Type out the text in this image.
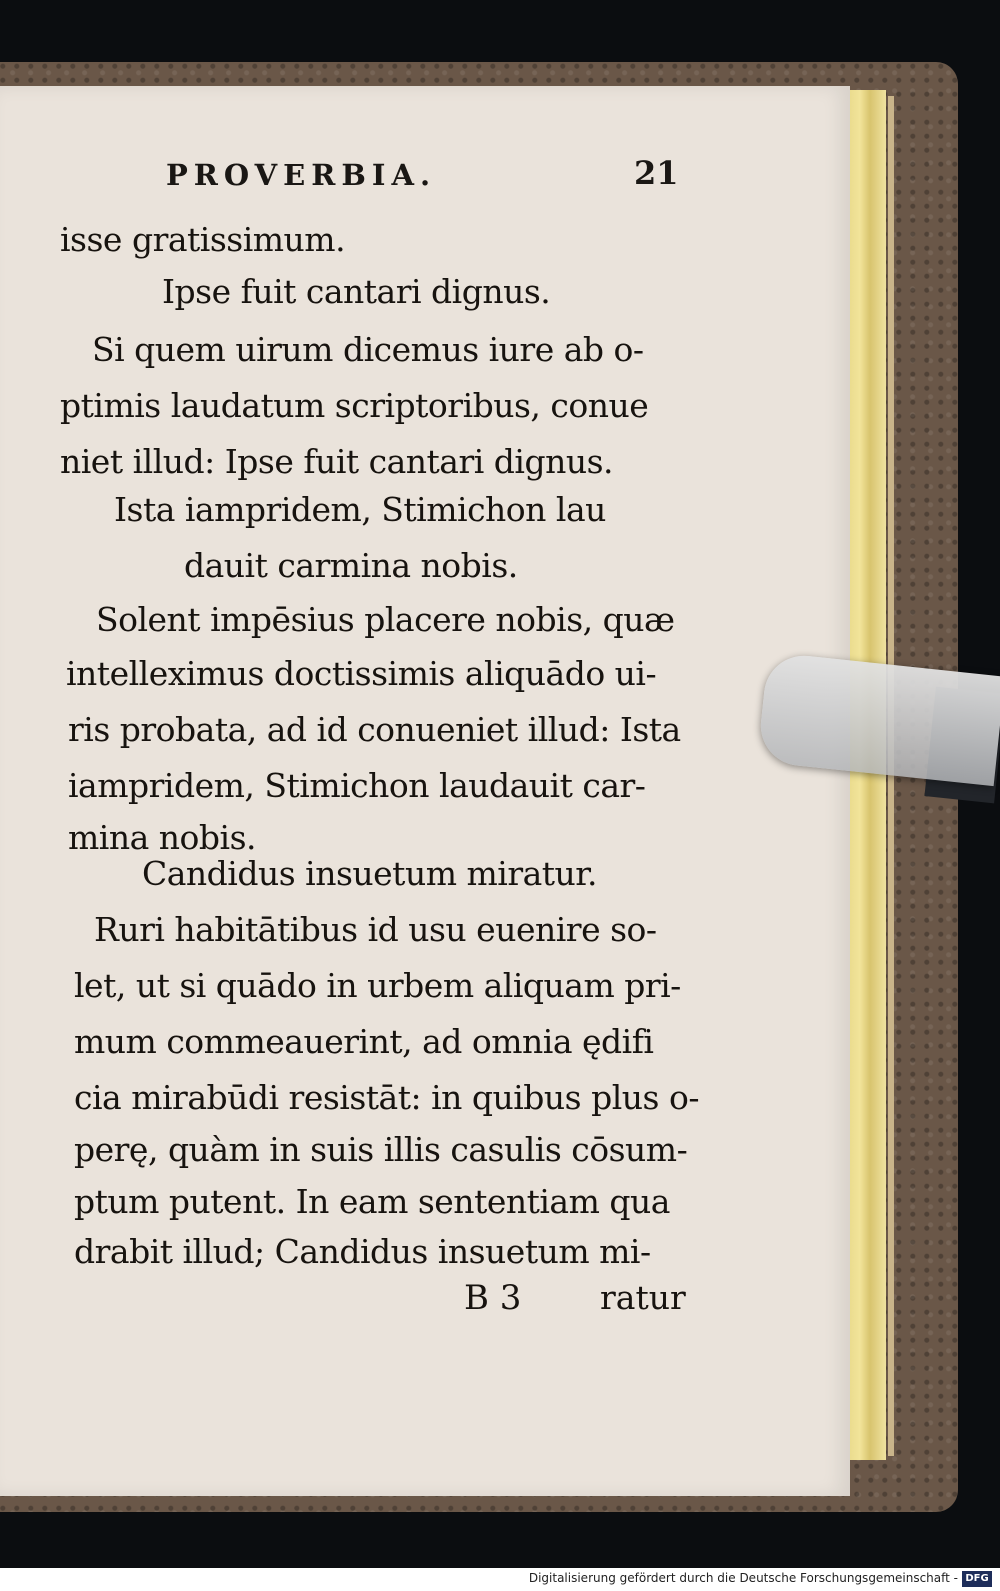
PROVERBIA.	21
isse gratissimum.
Ipse fuit cantari dignus.
Si quem uirum dicemus iure ab o-
ptimis laudatum scriptoribus, conue
niet illud: Ipse fuit cantari dignus.
Ista iampridem, Stimichon lau
dauit carmina nobis.
Solent impēsius placere nobis, quæ
intelleximus doctissimis aliquādo ui-
ris probata, ad id conueniet illud: Ista
iampridem, Stimichon laudauit car-
mina nobis.
Candidus insuetum miratur.
Ruri habitātibus id usu euenire so-
let, ut si quādo in urbem aliquam pri-
mum commeauerint, ad omnia ędifi
cia mirabūdi resistāt: in quibus plus o-
perę, quàm in suis illis casulis cōsum-
ptum putent. In eam sententiam qua
drabit illud; Candidus insuetum mi-
B 3 ratur
Digitalisierung gefördert durch die Deutsche Forschungsgemeinschaft - DFG
